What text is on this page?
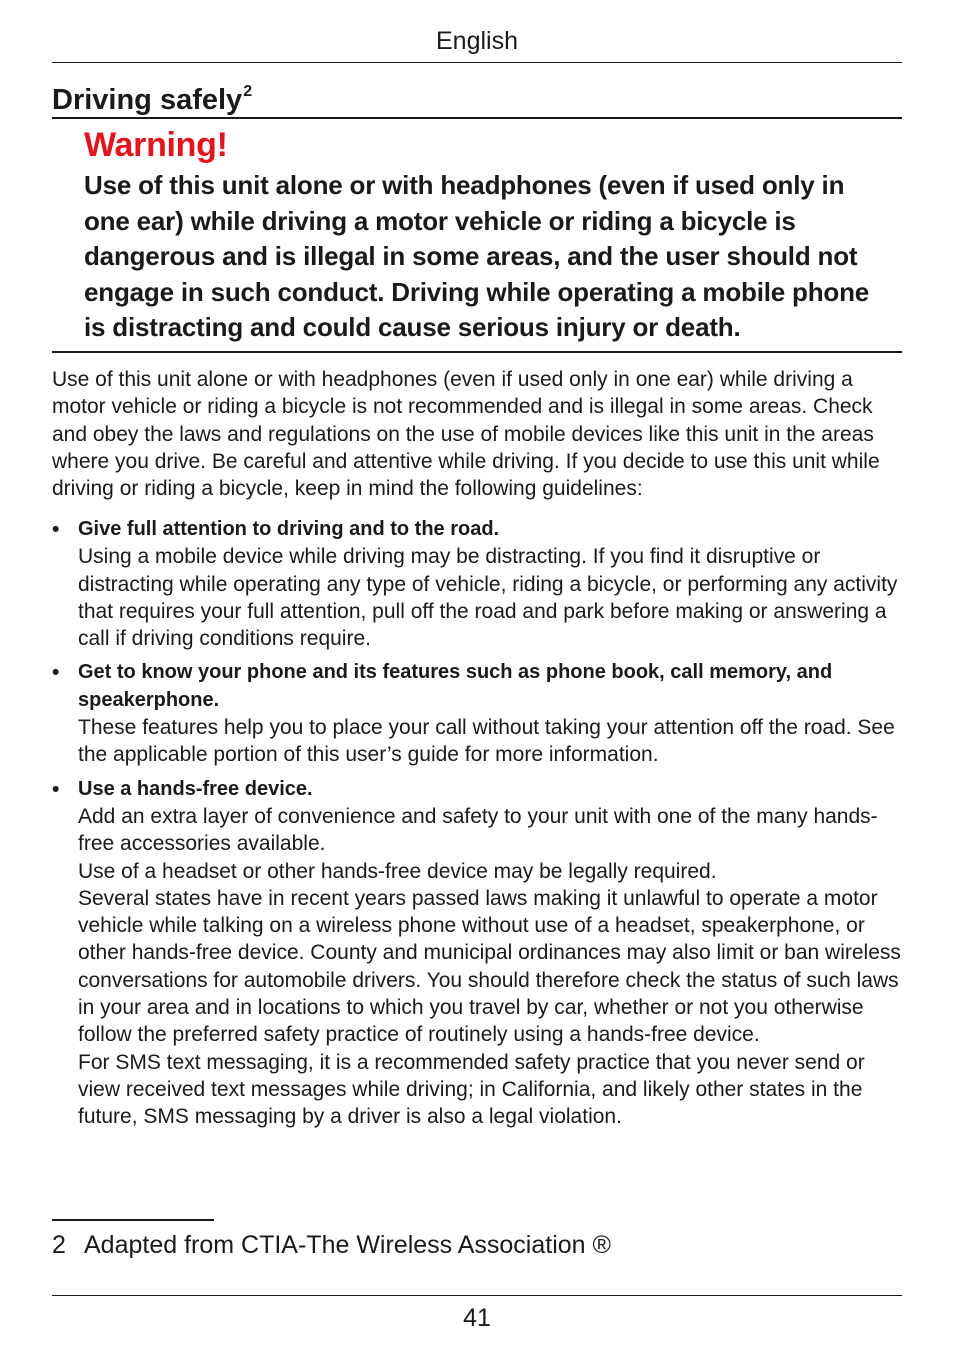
English
Driving safely$^2$
Warning!
Use of this unit alone or with headphones (even if used only in one ear) while driving a motor vehicle or riding a bicycle is dangerous and is illegal in some areas, and the user should not engage in such conduct. Driving while operating a mobile phone is distracting and could cause serious injury or death.
Use of this unit alone or with headphones (even if used only in one ear) while driving a motor vehicle or riding a bicycle is not recommended and is illegal in some areas. Check and obey the laws and regulations on the use of mobile devices like this unit in the areas where you drive. Be careful and attentive while driving. If you decide to use this unit while driving or riding a bicycle, keep in mind the following guidelines:
• Give full attention to driving and to the road.
Using a mobile device while driving may be distracting. If you find it disruptive or distracting while operating any type of vehicle, riding a bicycle, or performing any activity that requires your full attention, pull off the road and park before making or answering a call if driving conditions require.
• Get to know your phone and its features such as phone book, call memory, and speakerphone.
These features help you to place your call without taking your attention off the road. See the applicable portion of this user’s guide for more information.
• Use a hands-free device.
Add an extra layer of convenience and safety to your unit with one of the many hands-free accessories available.
Use of a headset or other hands-free device may be legally required.
Several states have in recent years passed laws making it unlawful to operate a motor vehicle while talking on a wireless phone without use of a headset, speakerphone, or other hands-free device. County and municipal ordinances may also limit or ban wireless conversations for automobile drivers. You should therefore check the status of such laws in your area and in locations to which you travel by car, whether or not you otherwise follow the preferred safety practice of routinely using a hands-free device.
For SMS text messaging, it is a recommended safety practice that you never send or view received text messages while driving; in California, and likely other states in the future, SMS messaging by a driver is also a legal violation.
2 Adapted from CTIA-The Wireless Association ®
41
